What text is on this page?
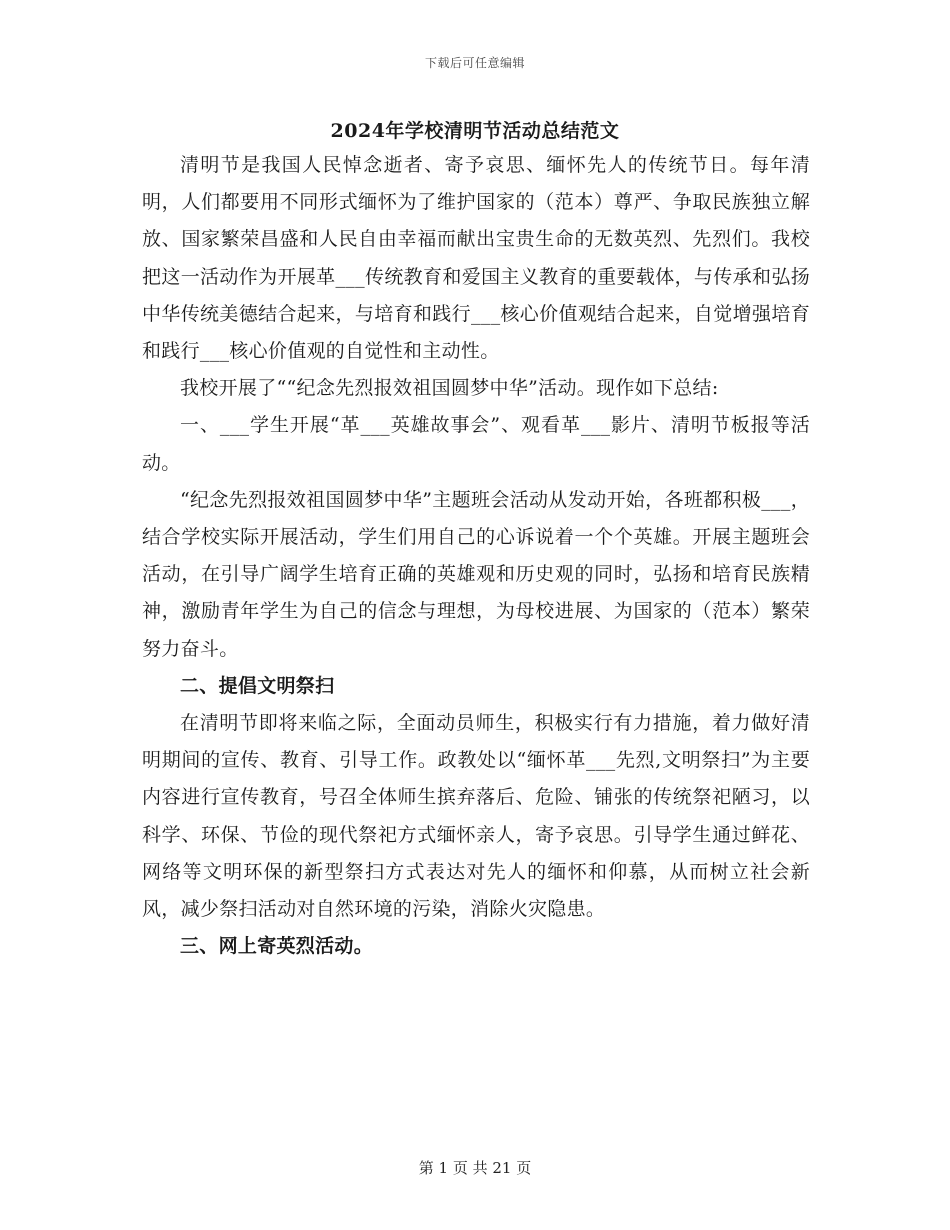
下载后可任意编辑
2024年学校清明节活动总结范文

清明节是我国人民悼念逝者、寄予哀思、缅怀先人的传统节日。每年清明，人们都要用不同形式缅怀为了维护国家的（范本）尊严、争取民族独立解放、国家繁荣昌盛和人民自由幸福而献出宝贵生命的无数英烈、先烈们。我校把这一活动作为开展革___传统教育和爱国主义教育的重要载体，与传承和弘扬中华传统美德结合起来，与培育和践行___核心价值观结合起来，自觉增强培育和践行___核心价值观的自觉性和主动性。

我校开展了““纪念先烈报效祖国圆梦中华”活动。现作如下总结:

一、___学生开展“革___英雄故事会”、观看革___影片、清明节板报等活动。

“纪念先烈报效祖国圆梦中华”主题班会活动从发动开始，各班都积极___，结合学校实际开展活动，学生们用自己的心诉说着一个个英雄。开展主题班会活动，在引导广阔学生培育正确的英雄观和历史观的同时，弘扬和培育民族精神，激励青年学生为自己的信念与理想，为母校进展、为国家的（范本）繁荣努力奋斗。

二、提倡文明祭扫

在清明节即将来临之际，全面动员师生，积极实行有力措施，着力做好清明期间的宣传、教育、引导工作。政教处以“缅怀革___先烈,文明祭扫”为主要内容进行宣传教育，号召全体师生摈弃落后、危险、铺张的传统祭祀陋习，以科学、环保、节俭的现代祭祀方式缅怀亲人，寄予哀思。引导学生通过鲜花、网络等文明环保的新型祭扫方式表达对先人的缅怀和仰慕，从而树立社会新风，减少祭扫活动对自然环境的污染，消除火灾隐患。

三、网上寄英烈活动。

第 1 页 共 21 页
